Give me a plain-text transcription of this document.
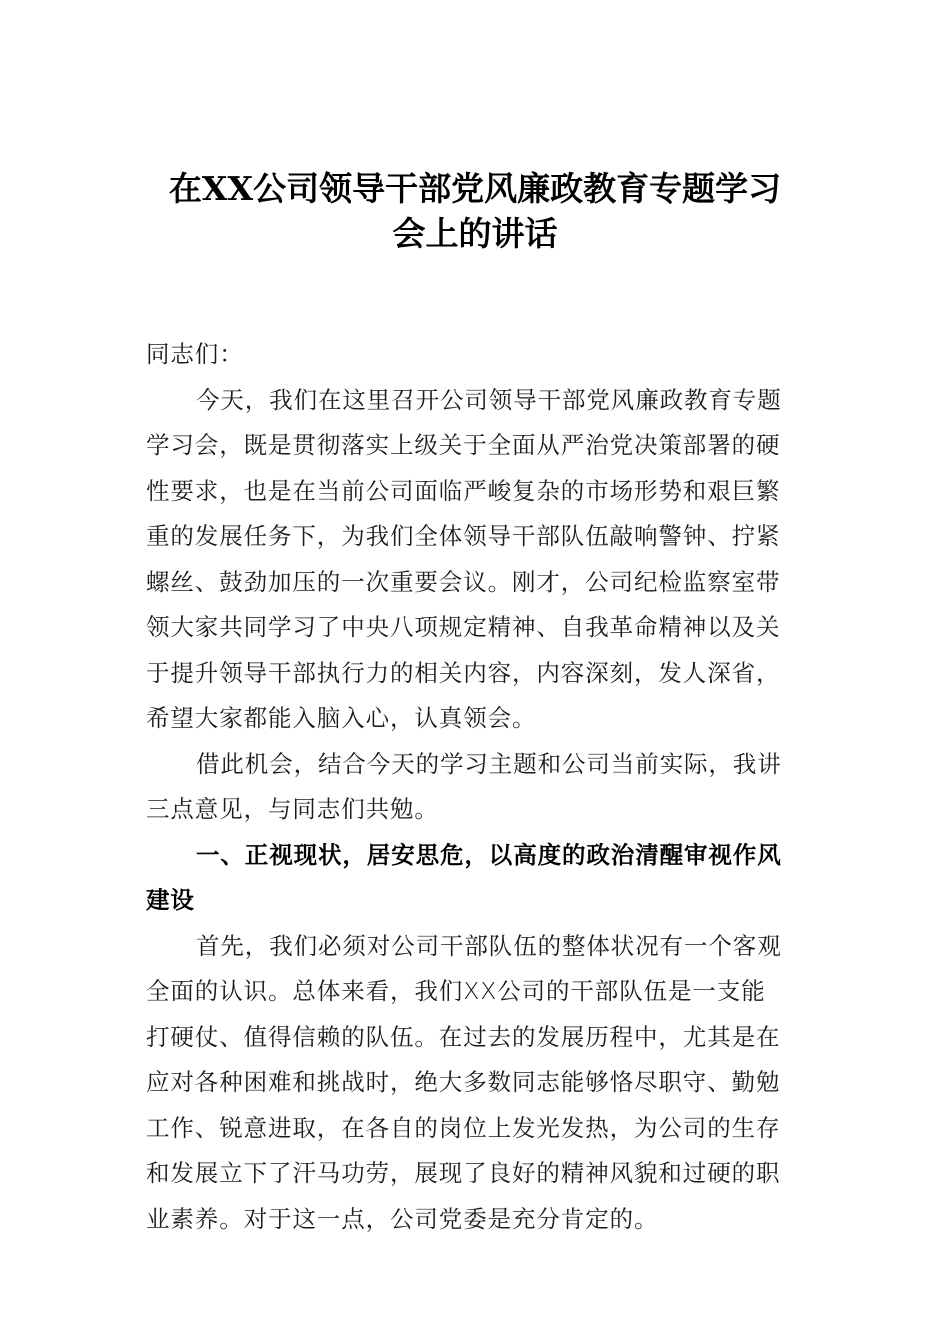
在XX公司领导干部党风廉政教育专题学习
会上的讲话
同志们：
今天，我们在这里召开公司领导干部党风廉政教育专题
学习会，既是贯彻落实上级关于全面从严治党决策部署的硬
性要求，也是在当前公司面临严峻复杂的市场形势和艰巨繁
重的发展任务下，为我们全体领导干部队伍敲响警钟、拧紧
螺丝、鼓劲加压的一次重要会议。刚才，公司纪检监察室带
领大家共同学习了中央八项规定精神、自我革命精神以及关
于提升领导干部执行力的相关内容，内容深刻，发人深省，
希望大家都能入脑入心，认真领会。
借此机会，结合今天的学习主题和公司当前实际，我讲
三点意见，与同志们共勉。
一、正视现状，居安思危，以高度的政治清醒审视作风
建设
首先，我们必须对公司干部队伍的整体状况有一个客观
全面的认识。总体来看，我们XX公司的干部队伍是一支能
打硬仗、值得信赖的队伍。在过去的发展历程中，尤其是在
应对各种困难和挑战时，绝大多数同志能够恪尽职守、勤勉
工作、锐意进取，在各自的岗位上发光发热，为公司的生存
和发展立下了汗马功劳，展现了良好的精神风貌和过硬的职
业素养。对于这一点，公司党委是充分肯定的。
